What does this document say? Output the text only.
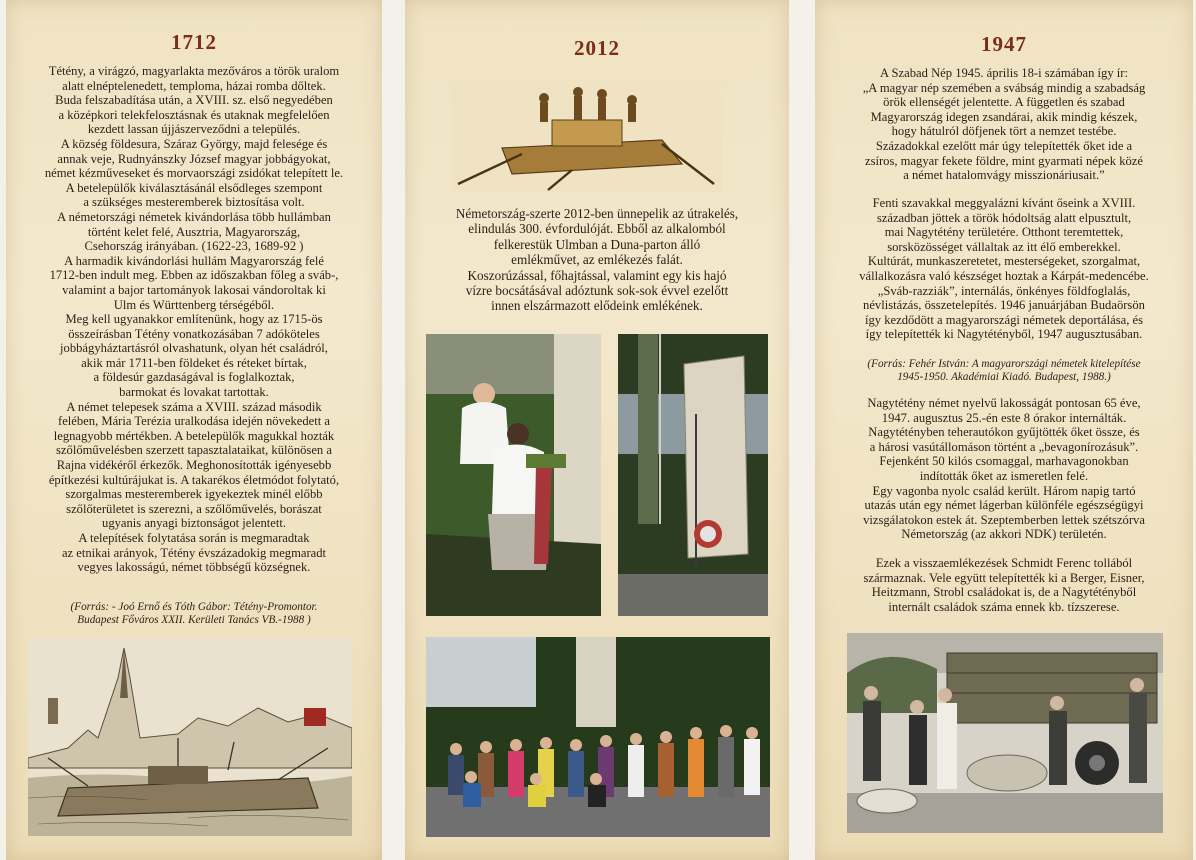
1712
Tétény, a virágzó, magyarlakta mezőváros a török uralom
alatt elnéptelenedett, temploma, házai romba dőltek.
Buda felszabadítása után, a XVIII. sz. első negyedében
a középkori telekfelosztásnak és utaknak megfelelően
kezdett lassan újjászerveződni a település.
A község földesura, Száraz György, majd felesége és
annak veje, Rudnyánszky József magyar jobbágyokat,
német kézművеseket és morvaországi zsidókat telepített le.
A betelepülők kiválasztásánál elsődleges szempont
a szükséges mesteremberek biztosítása volt.
A németországi németek kivándorlása több hullámban
történt kelet felé, Ausztria, Magyarország,
Csehország irányában. (1622-23, 1689-92 )
A harmadik kivándorlási hullám Magyarország felé
1712-ben indult meg. Ebben az időszakban főleg a sváb-,
valamint a bajor tartományok lakosai vándoroltak ki
Ulm és Württenberg térségéből.
Meg kell ugyanakkor említenünk, hogy az 1715-ös
összeírásban Tétény vonatkozásában 7 adóköteles
jobbágyháztartásról olvashatunk, olyan hét családról,
akik már 1711-ben földeket és réteket bírtak,
a földesúr gazdaságával is foglalkoztak,
barmokat és lovakat tartottak.
A német telepesek száma a XVIII. század második
felében, Mária Terézia uralkodása idején növekedett a
legnagyobb mértékben. A betelepülők magukkal hozták
szőlőművelésben szerzett tapasztalataikat, különösen a
Rajna vidékéről érkezők. Meghonosították igényesebb
építkezési kultúrájukat is. A takarékos életmódot folytató,
szorgalmas mesteremberek igyekeztek minél előbb
szőlőterületet is szerezni, a szőlőművelés, borászat
ugyanis anyagi biztonságot jelentett.
A telepítések folytatása során is megmaradtak
az etnikai arányok, Tétény évszázadokig megmaradt
vegyes lakosságú, német többségű községnek.
(Forrás: - Joó Ernő és Tóth Gábor: Tétény-Promontor.
Budapest Főváros XXII. Kerületi Tanács VB.-1988 )
2012
Németország-szerte 2012-ben ünnepelik az útrakelés,
elindulás 300. évfordulóját. Ebből az alkalomból
felkerestük Ulmban a Duna-parton álló
emlékművet, az emlékezés falát.
Koszorúzással, főhajtással, valamint egy kis hajó
vízre bocsátásával adóztunk sok-sok évvel ezelőtt
innen elszármazott elődeink emlékének.
1947
A Szabad Nép 1945. április 18-i számában így ír:
„A magyar nép szemében a svábság mindig a szabadság
örök ellenségét jelentette. A független és szabad
Magyarország idegen zsandárai, akik mindig készek,
hogy hátulról döfjenek tört a nemzet testébe.
Századokkal ezelőtt már úgy telepítették őket ide a
zsíros, magyar fekete földre, mint gyarmati népek közé
a német hatalomvágy misszionáriusait.”
Fenti szavakkal meggyalázni kívánt őseink a XVIII.
században jöttek a török hódoltság alatt elpusztult,
mai Nagytétény területére. Otthont teremtettek,
sorsközösséget vállaltak az itt élő emberekkel.
Kultúrát, munkaszeretetet, mesterségeket, szorgalmat,
vállalkozásra való készséget hoztak a Kárpát-medencébe.
„Sváb-razziák”, internálás, önkényes földfoglalás,
névlistázás, összetelepítés. 1946 januárjában Budaörsön
így kezdődött a magyarországi németek deportálása, és
így telepítették ki Nagytétényből, 1947 augusztusában.
(Forrás: Fehér István: A magyarországi németek kitelepítése
1945-1950. Akadémiai Kiadó. Budapest, 1988.)
Nagytétény német nyelvű lakosságát pontosan 65 éve,
1947. augusztus 25.-én este 8 órakor internálták.
Nagytétényben teherautókon gyűjtötték őket össze, és
a hárosi vasútállomáson történt a „bevagonírozásuk”.
Fejenként 50 kilós csomaggal, marhavagonokban
indították őket az ismeretlen felé.
Egy vagonba nyolc család került. Három napig tartó
utazás után egy német lágerban különféle egészségügyi
vizsgálatokon estek át. Szeptemberben lettek szétszórva
Németország (az akkori NDK) területén.
Ezek a visszaemlékezések Schmidt Ferenc tollából
származnak. Vele együtt telepítették ki a Berger, Eisner,
Heitzmann, Strobl családokat is, de a Nagytétényből
internált családok száma ennek kb. tízszerese.
